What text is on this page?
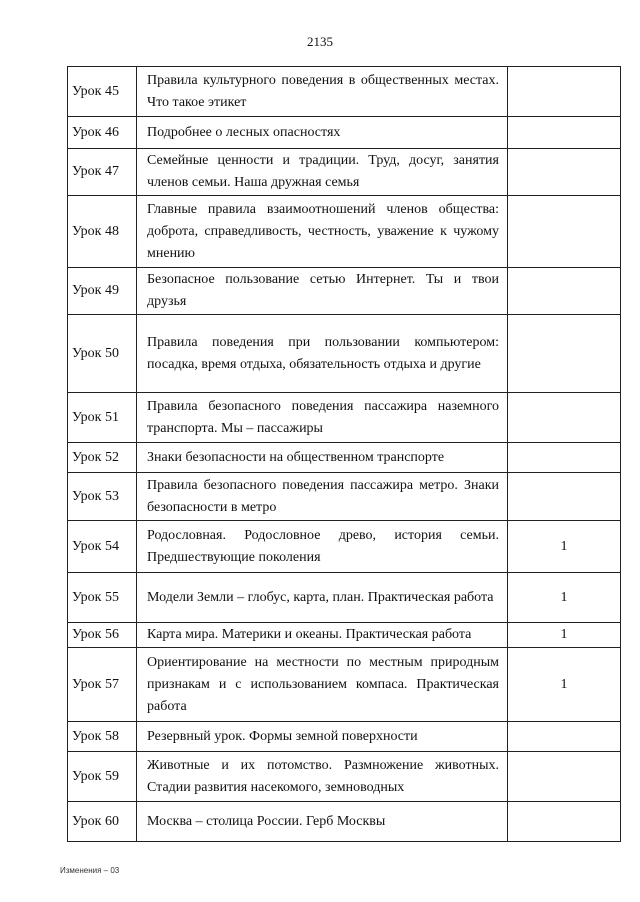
2135
Урок 45	Правила культурного поведения в общественных местах. Что такое этикет	
Урок 46	Подробнее о лесных опасностях	
Урок 47	Семейные ценности и традиции. Труд, досуг, занятия членов семьи. Наша дружная семья	
Урок 48	Главные правила взаимоотношений членов общества: доброта, справедливость, честность, уважение к чужому мнению	
Урок 49	Безопасное пользование сетью Интернет. Ты и твои друзья	
Урок 50	Правила поведения при пользовании компьютером: посадка, время отдыха, обязательность отдыха и другие	
Урок 51	Правила безопасного поведения пассажира наземного транспорта. Мы – пассажиры	
Урок 52	Знаки безопасности на общественном транспорте	
Урок 53	Правила безопасного поведения пассажира метро. Знаки безопасности в метро	
Урок 54	Родословная. Родословное древо, история семьи. Предшествующие поколения	1
Урок 55	Модели Земли – глобус, карта, план. Практическая работа	1
Урок 56	Карта мира. Материки и океаны. Практическая работа	1
Урок 57	Ориентирование на местности по местным природным признакам и с использованием компаса. Практическая работа	1
Урок 58	Резервный урок. Формы земной поверхности	
Урок 59	Животные и их потомство. Размножение животных. Стадии развития насекомого, земноводных	
Урок 60	Москва – столица России. Герб Москвы	
Изменения – 03
